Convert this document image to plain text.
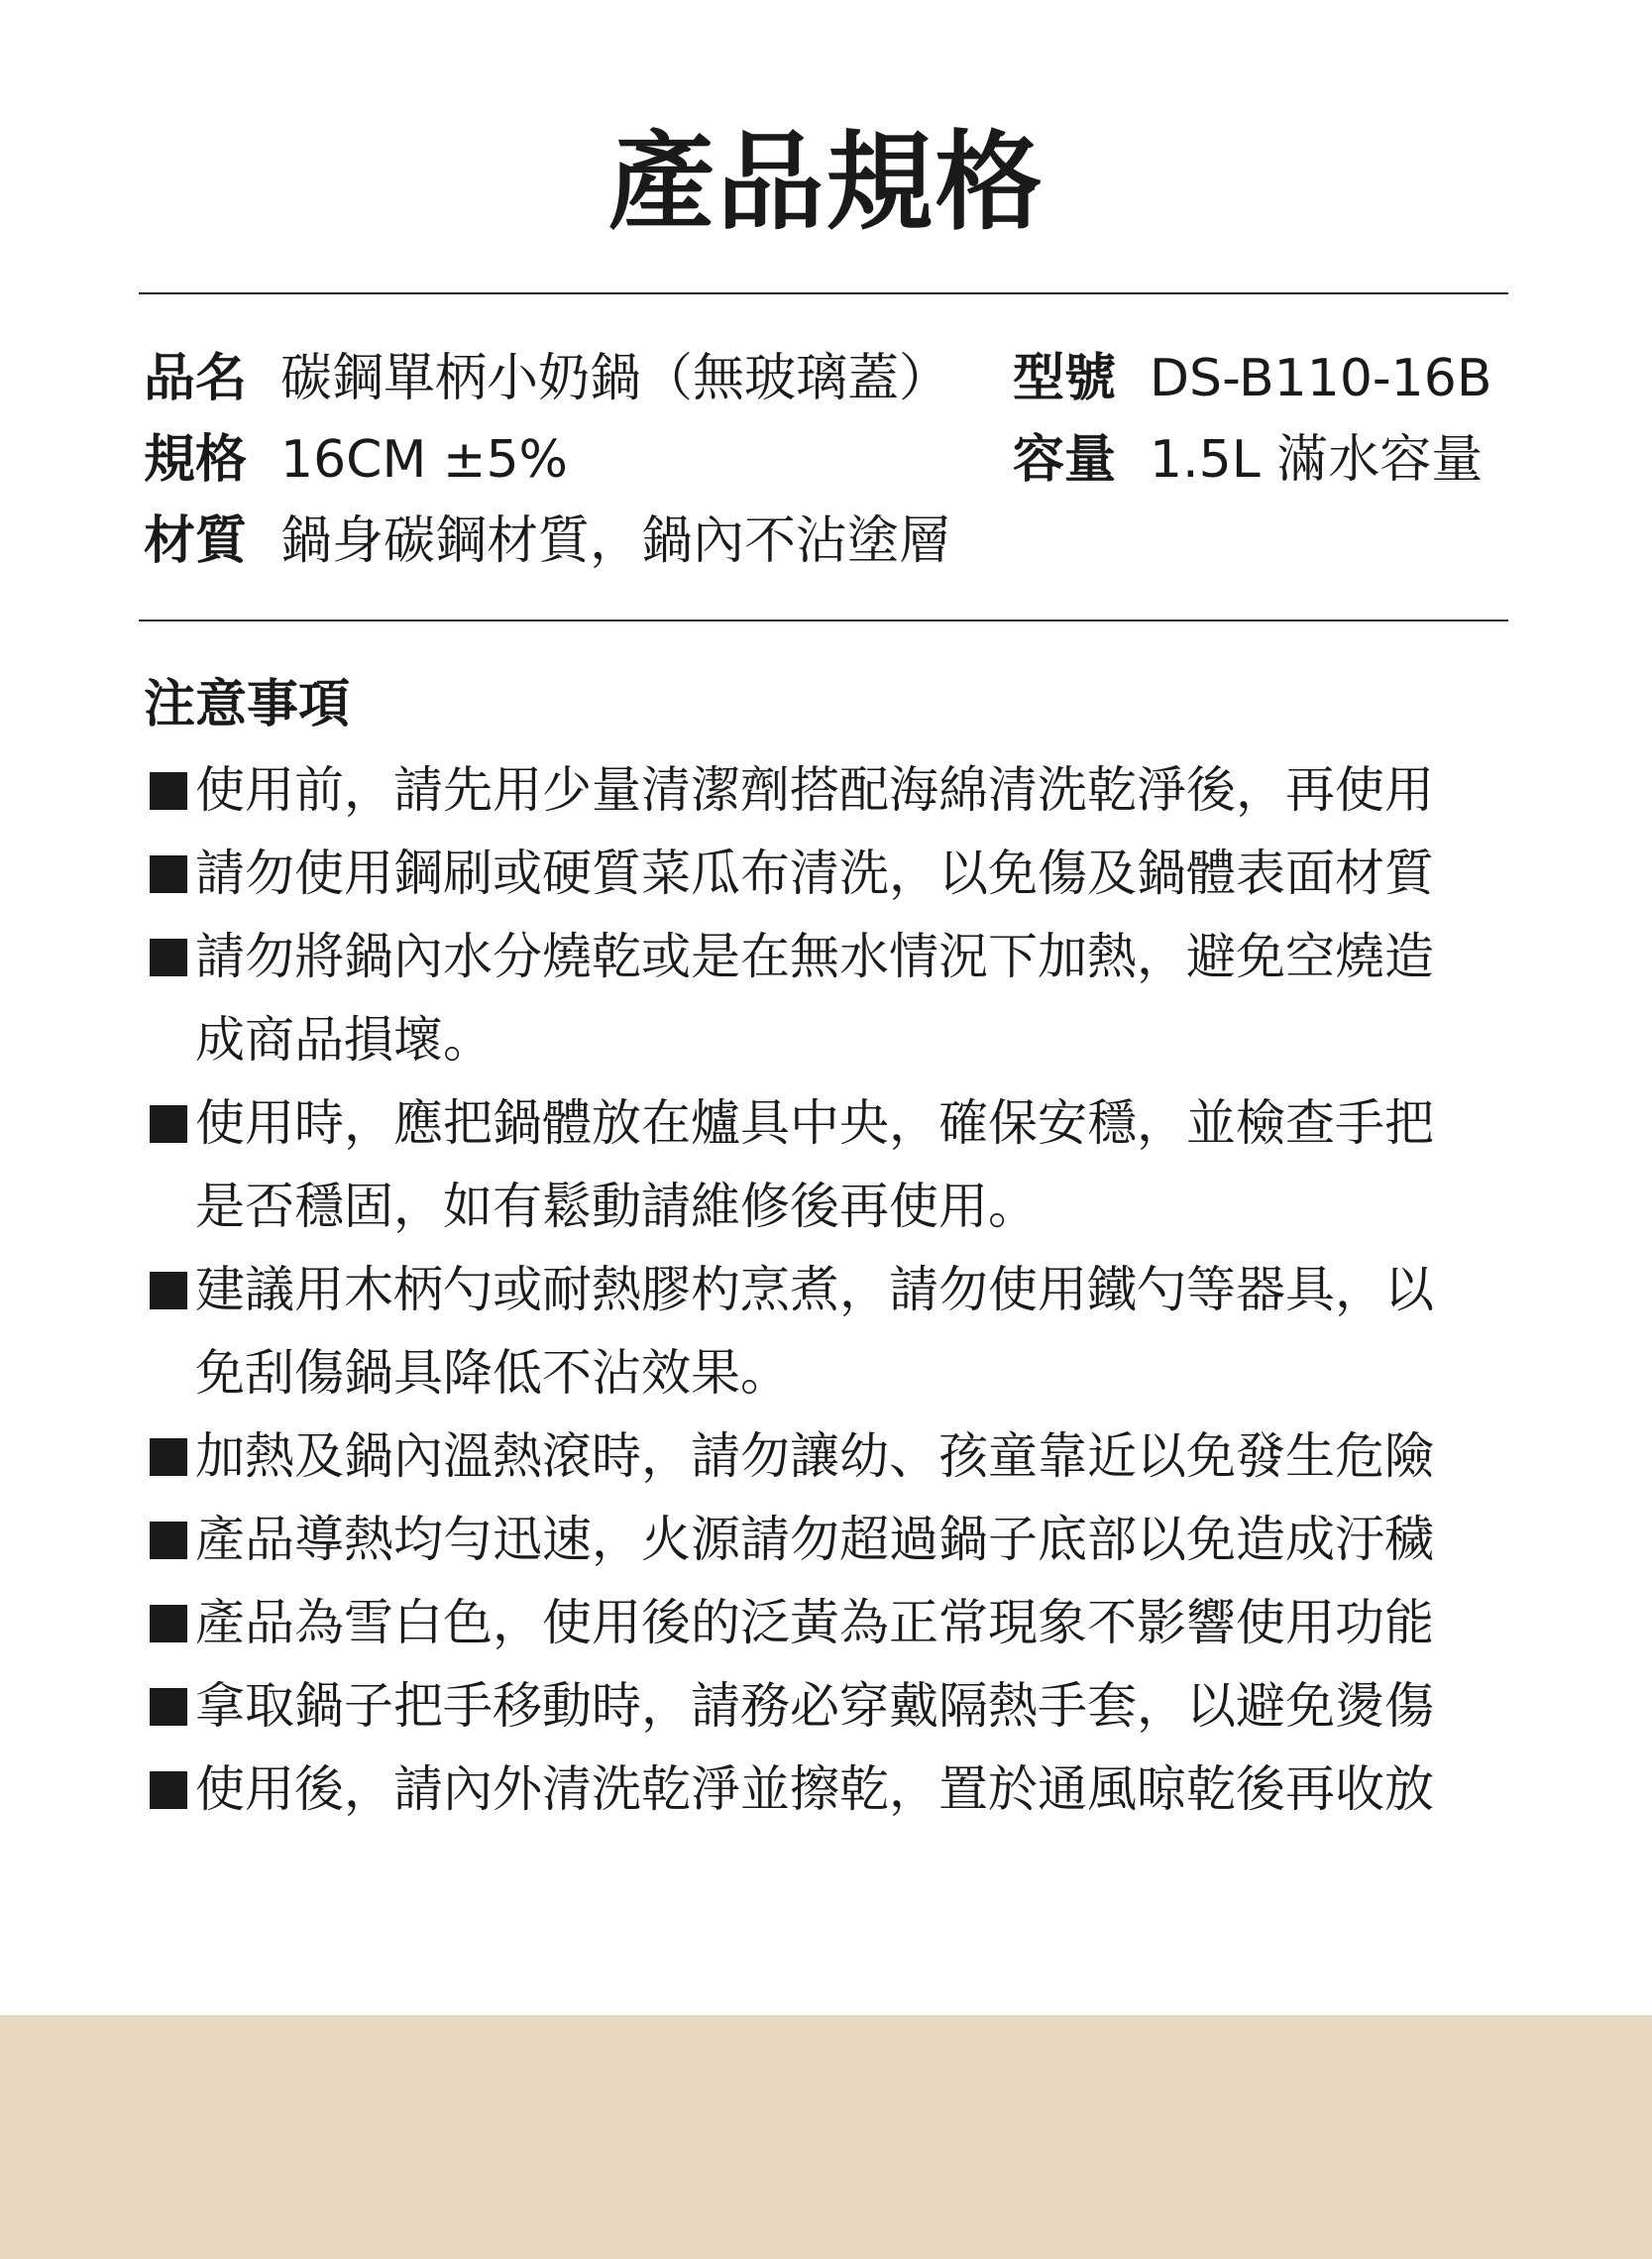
產品規格
品名 碳鋼單柄小奶鍋（無玻璃蓋） 型號 DS-B110-16B
規格 16CM ±5%	容量 1.5L 滿水容量
材質 鍋身碳鋼材質，鍋內不沾塗層
注意事項
使用前，請先用少量清潔劑搭配海綿清洗乾淨後，再使用
請勿使用鋼刷或硬質菜瓜布清洗，以免傷及鍋體表面材質
請勿將鍋內水分燒乾或是在無水情況下加熱，避免空燒造
成商品損壞。
使用時，應把鍋體放在爐具中央，確保安穩，並檢查手把
是否穩固，如有鬆動請維修後再使用。
建議用木柄勺或耐熱膠杓烹煮，請勿使用鐵勺等器具，以
免刮傷鍋具降低不沾效果。
加熱及鍋內溫熱滾時，請勿讓幼、孩童靠近以免發生危險
產品導熱均勻迅速，火源請勿超過鍋子底部以免造成汙穢
產品為雪白色，使用後的泛黃為正常現象不影響使用功能
拿取鍋子把手移動時，請務必穿戴隔熱手套，以避免燙傷
使用後，請內外清洗乾淨並擦乾，置於通風晾乾後再收放
